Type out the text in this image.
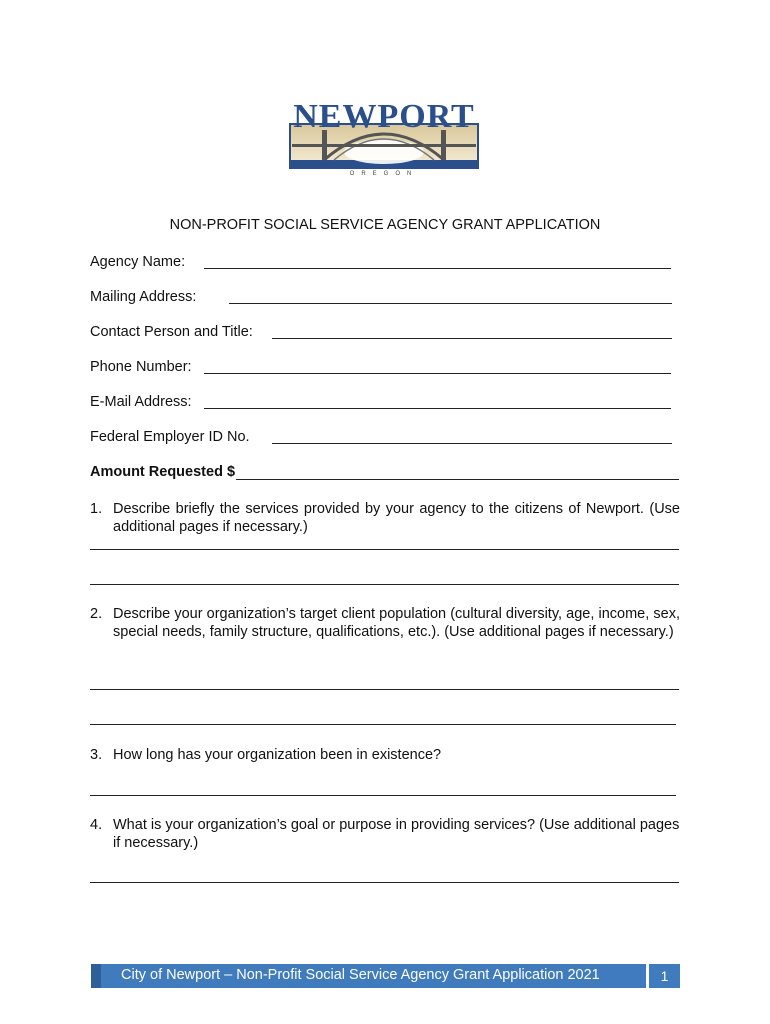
NEWPORT
OREGON
NON-PROFIT SOCIAL SERVICE AGENCY GRANT APPLICATION
Agency Name:
Mailing Address:
Contact Person and Title:
Phone Number:
E-Mail Address:
Federal Employer ID No.
Amount Requested $
1. Describe briefly the services provided by your agency to the citizens of Newport. (Use additional pages if necessary.)
2. Describe your organization’s target client population (cultural diversity, age, income, sex, special needs, family structure, qualifications, etc.). (Use additional pages if necessary.)
3. How long has your organization been in existence?
4. What is your organization’s goal or purpose in providing services? (Use additional pages if necessary.)
City of Newport – Non-Profit Social Service Agency Grant Application 2021	1
